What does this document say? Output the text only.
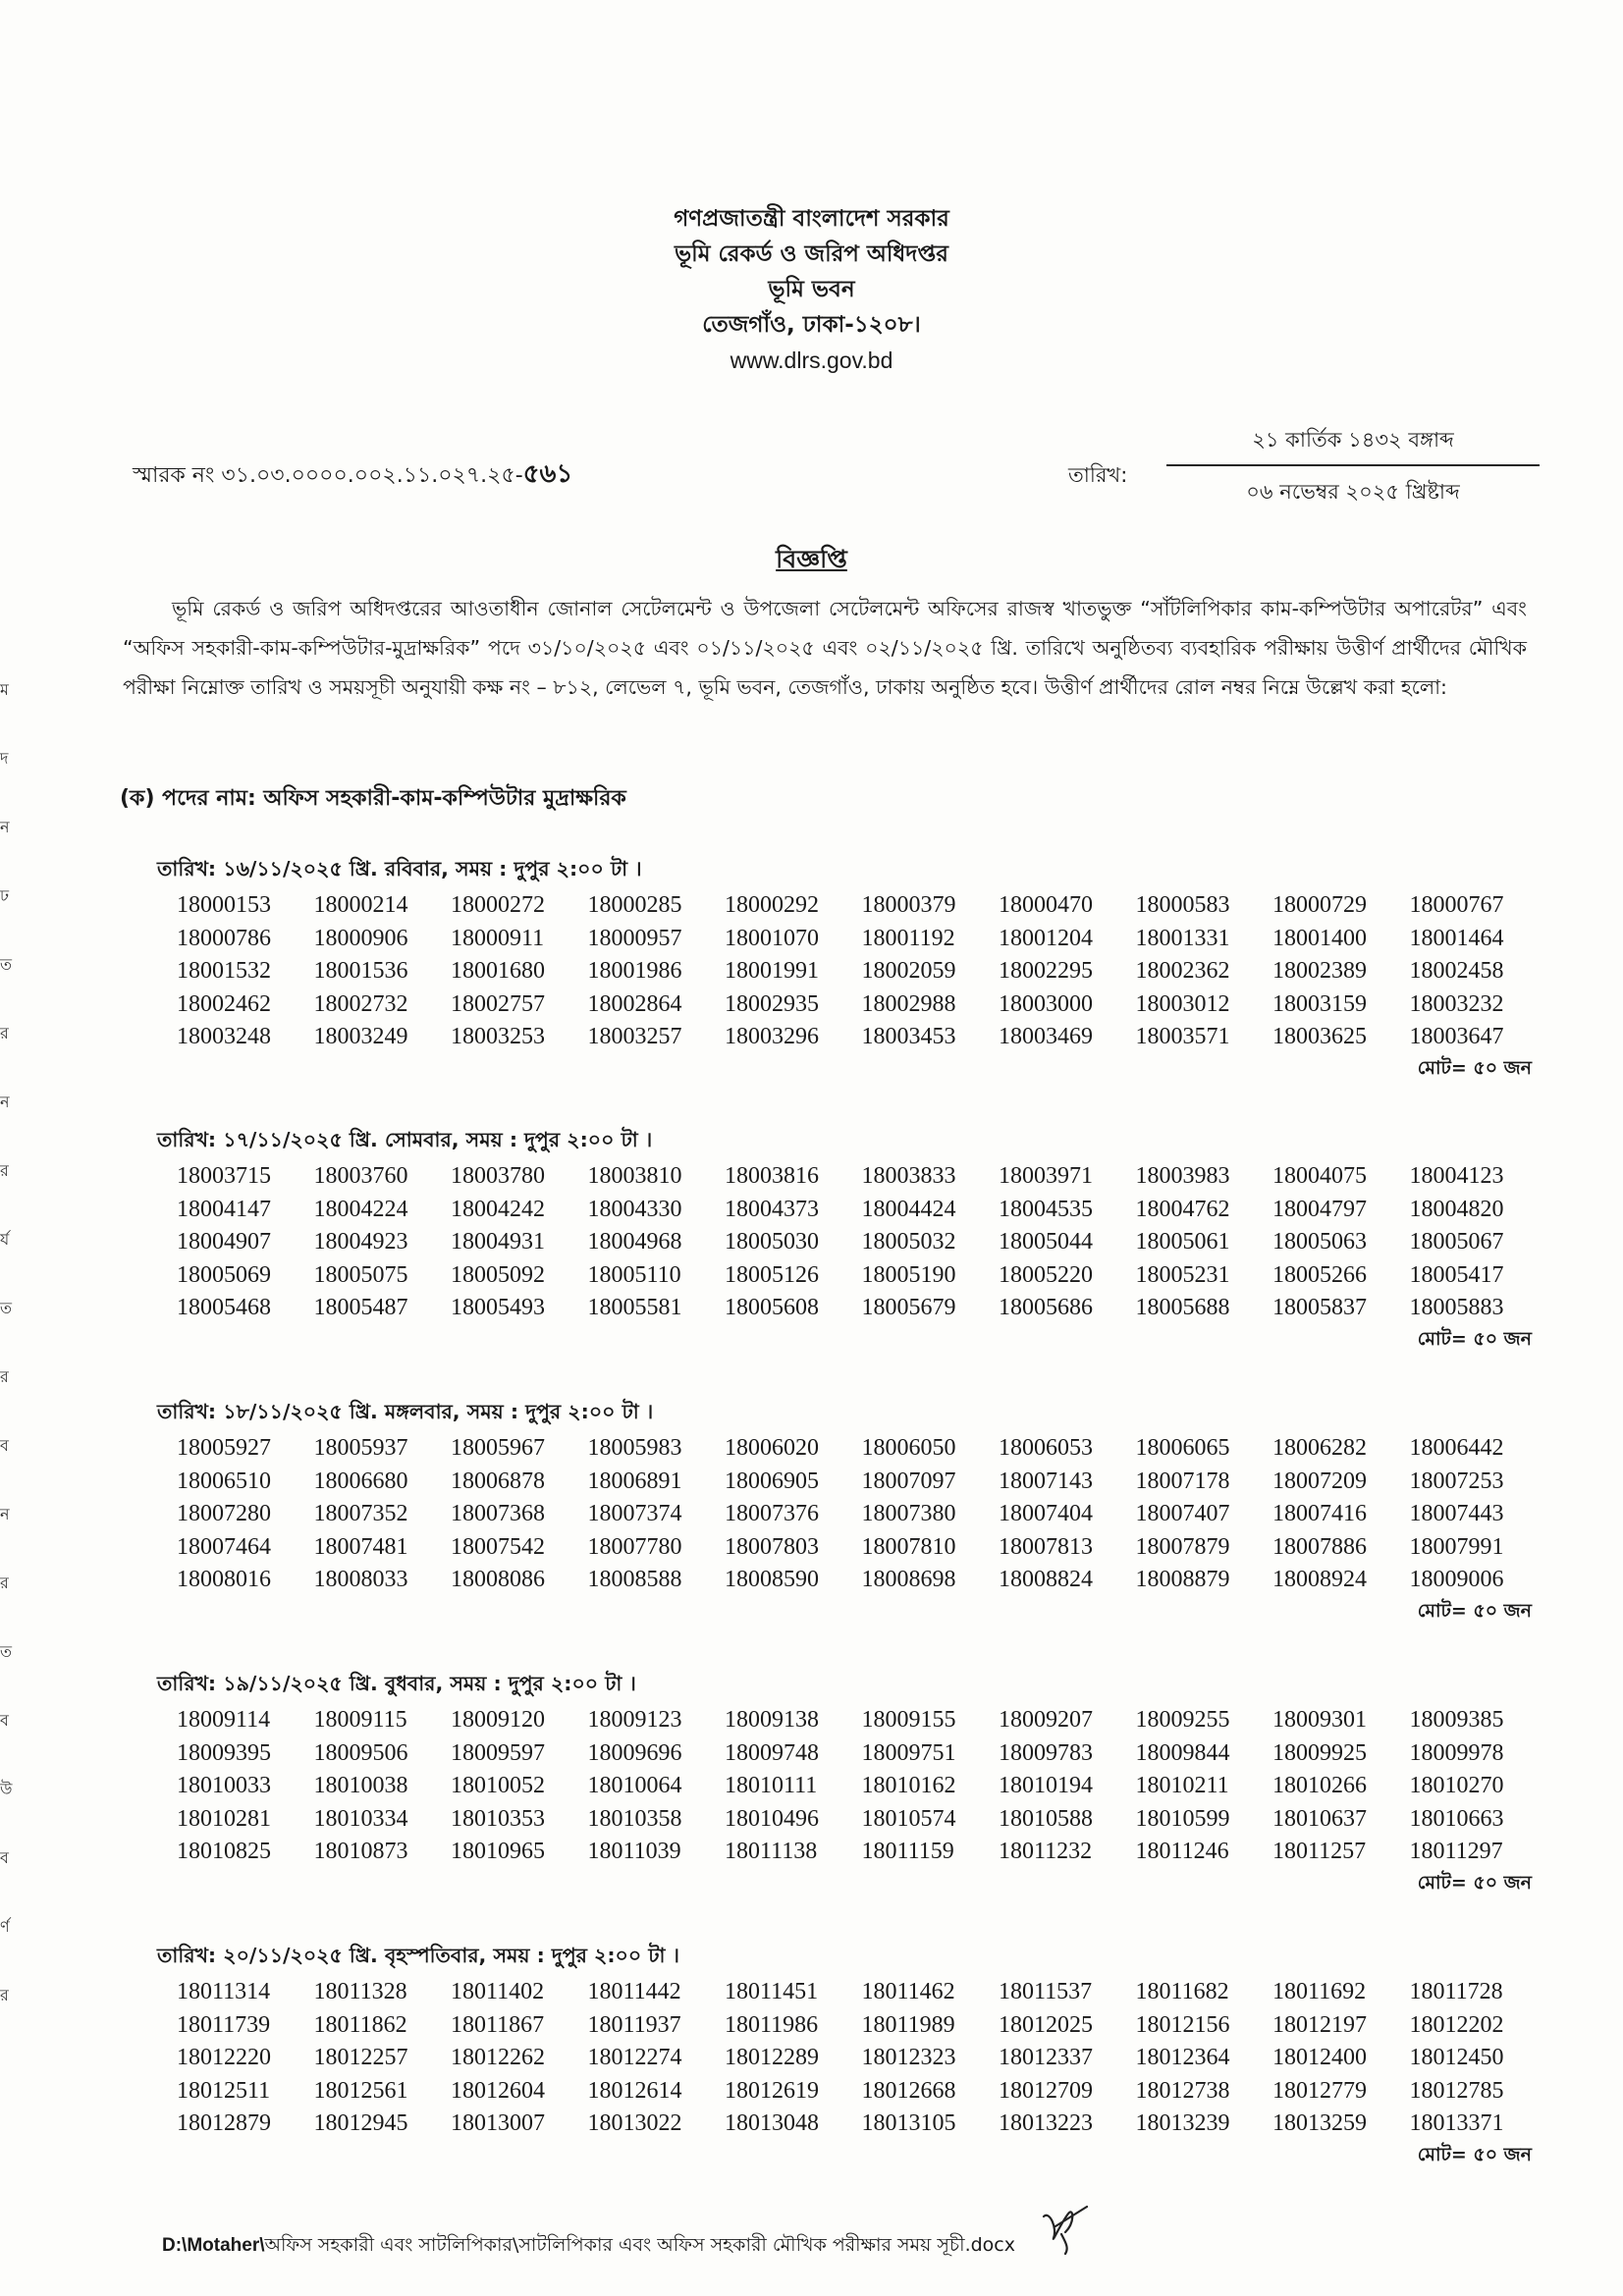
ম
দ
ন
ঢ
ত
র
ন
র
র্য
ত
র
ব
ন
র
ত
ব
উ
ব
র্ণ
র
গণপ্রজাতন্ত্রী বাংলাদেশ সরকার
ভূমি রেকর্ড ও জরিপ অধিদপ্তর
ভূমি ভবন
তেজগাঁও, ঢাকা-১২০৮।
www.dlrs.gov.bd
স্মারক নং ৩১.০৩.০০০০.০০২.১১.০২৭.২৫-৫৬১	তারিখ:
২১ কার্তিক ১৪৩২ বঙ্গাব্দ
০৬ নভেম্বর ২০২৫ খ্রিষ্টাব্দ
বিজ্ঞপ্তি
ভূমি রেকর্ড ও জরিপ অধিদপ্তরের আওতাধীন জোনাল সেটেলমেন্ট ও উপজেলা সেটেলমেন্ট অফিসের রাজস্ব খাতভুক্ত “সাঁটলিপিকার কাম-কম্পিউটার অপারেটর” এবং “অফিস সহকারী-কাম-কম্পিউটার-মুদ্রাক্ষরিক” পদে ৩১/১০/২০২৫ এবং ০১/১১/২০২৫ এবং ০২/১১/২০২৫ খ্রি. তারিখে অনুষ্ঠিতব্য ব্যবহারিক পরীক্ষায় উত্তীর্ণ প্রার্থীদের মৌখিক পরীক্ষা নিম্নোক্ত তারিখ ও সময়সূচী অনুযায়ী কক্ষ নং – ৮১২, লেভেল ৭, ভূমি ভবন, তেজগাঁও, ঢাকায় অনুষ্ঠিত হবে। উত্তীর্ণ প্রার্থীদের রোল নম্বর নিম্নে উল্লেখ করা হলো:
(ক) পদের নাম: অফিস সহকারী-কাম-কম্পিউটার মুদ্রাক্ষরিক
তারিখ: ১৬/১১/২০২৫ খ্রি. রবিবার, সময় : দুপুর ২:০০ টা ।
18000153	18000214	18000272	18000285	18000292	18000379	18000470	18000583	18000729	18000767
18000786	18000906	18000911	18000957	18001070	18001192	18001204	18001331	18001400	18001464
18001532	18001536	18001680	18001986	18001991	18002059	18002295	18002362	18002389	18002458
18002462	18002732	18002757	18002864	18002935	18002988	18003000	18003012	18003159	18003232
18003248	18003249	18003253	18003257	18003296	18003453	18003469	18003571	18003625	18003647
মোট= ৫০ জন
তারিখ: ১৭/১১/২০২৫ খ্রি. সোমবার, সময় : দুপুর ২:০০ টা ।
18003715	18003760	18003780	18003810	18003816	18003833	18003971	18003983	18004075	18004123
18004147	18004224	18004242	18004330	18004373	18004424	18004535	18004762	18004797	18004820
18004907	18004923	18004931	18004968	18005030	18005032	18005044	18005061	18005063	18005067
18005069	18005075	18005092	18005110	18005126	18005190	18005220	18005231	18005266	18005417
18005468	18005487	18005493	18005581	18005608	18005679	18005686	18005688	18005837	18005883
মোট= ৫০ জন
তারিখ: ১৮/১১/২০২৫ খ্রি. মঙ্গলবার, সময় : দুপুর ২:০০ টা ।
18005927	18005937	18005967	18005983	18006020	18006050	18006053	18006065	18006282	18006442
18006510	18006680	18006878	18006891	18006905	18007097	18007143	18007178	18007209	18007253
18007280	18007352	18007368	18007374	18007376	18007380	18007404	18007407	18007416	18007443
18007464	18007481	18007542	18007780	18007803	18007810	18007813	18007879	18007886	18007991
18008016	18008033	18008086	18008588	18008590	18008698	18008824	18008879	18008924	18009006
মোট= ৫০ জন
তারিখ: ১৯/১১/২০২৫ খ্রি. বুধবার, সময় : দুপুর ২:০০ টা ।
18009114	18009115	18009120	18009123	18009138	18009155	18009207	18009255	18009301	18009385
18009395	18009506	18009597	18009696	18009748	18009751	18009783	18009844	18009925	18009978
18010033	18010038	18010052	18010064	18010111	18010162	18010194	18010211	18010266	18010270
18010281	18010334	18010353	18010358	18010496	18010574	18010588	18010599	18010637	18010663
18010825	18010873	18010965	18011039	18011138	18011159	18011232	18011246	18011257	18011297
মোট= ৫০ জন
তারিখ: ২০/১১/২০২৫ খ্রি. বৃহস্পতিবার, সময় : দুপুর ২:০০ টা ।
18011314	18011328	18011402	18011442	18011451	18011462	18011537	18011682	18011692	18011728
18011739	18011862	18011867	18011937	18011986	18011989	18012025	18012156	18012197	18012202
18012220	18012257	18012262	18012274	18012289	18012323	18012337	18012364	18012400	18012450
18012511	18012561	18012604	18012614	18012619	18012668	18012709	18012738	18012779	18012785
18012879	18012945	18013007	18013022	18013048	18013105	18013223	18013239	18013259	18013371
মোট= ৫০ জন
D:\Motaher\অফিস সহকারী এবং সাটলিপিকার\সাটলিপিকার এবং অফিস সহকারী মৌখিক পরীক্ষার সময় সূচী.docx
